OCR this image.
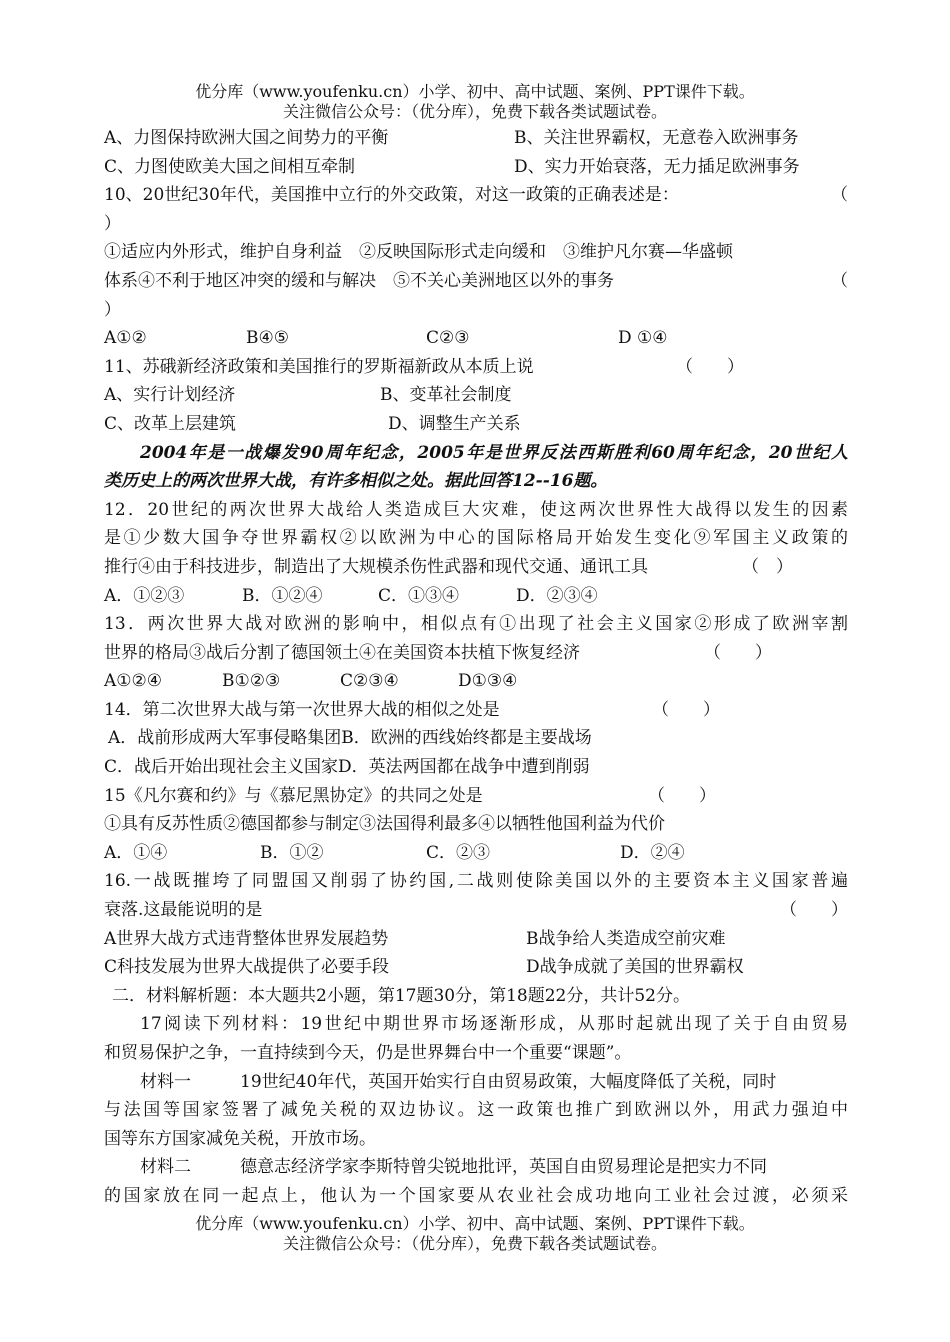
优分库（www.youfenku.cn）小学、初中、高中试题、案例、PPT课件下载。
关注微信公众号：（优分库），免费下载各类试题试卷。
A、力图保持欧洲大国之间势力的平衡	B、关注世界霸权，无意卷入欧洲事务
C、力图使欧美大国之间相互牵制	D、实力开始衰落，无力插足欧洲事务
10、20世纪30年代，美国推中立行的外交政策，对这一政策的正确表述是：	（
）
①适应内外形式，维护自身利益　②反映国际形式走向缓和　③维护凡尔赛—华盛顿
体系④不利于地区冲突的缓和与解决　⑤不关心美洲地区以外的事务	（
）
A①②	B④⑤	C②③	D ①④
11、苏硪新经济政策和美国推行的罗斯福新政从本质上说	（　　）
A、实行计划经济	B、变革社会制度
C、改革上层建筑	D、调整生产关系
2004年是一战爆发90周年纪念，2005年是世界反法西斯胜利60周年纪念，20世纪人
类历史上的两次世界大战，有许多相似之处。据此回答12--16题。
12．20世纪的两次世界大战给人类造成巨大灾难，使这两次世界性大战得以发生的因素
是①少数大国争夺世界霸权②以欧洲为中心的国际格局开始发生变化⑨军国主义政策的
推行④由于科技进步，制造出了大规模杀伤性武器和现代交通、通讯工具	（　）
A．①②③	B．①②④	C．①③④	D．②③④
13．两次世界大战对欧洲的影响中，相似点有①出现了社会主义国家②形成了欧洲宰割
世界的格局③战后分割了德国领土④在美国资本扶植下恢复经济	（　　）
A①②④	B①②③	C②③④	D①③④
14．第二次世界大战与第一次世界大战的相似之处是	（　　）
A．战前形成两大军事侵略集团B．欧洲的西线始终都是主要战场
C．战后开始出现社会主义国家D．英法两国都在战争中遭到削弱
15《凡尔赛和约》与《慕尼黑协定》的共同之处是	（　　）
①具有反苏性质②德国都参与制定③法国得利最多④以牺牲他国利益为代价
A．①④	B．①②	C．②③	D．②④
16.一战既摧垮了同盟国又削弱了协约国,二战则使除美国以外的主要资本主义国家普遍
衰落.这最能说明的是	（　　）
A世界大战方式违背整体世界发展趋势	B战争给人类造成空前灾难
C科技发展为世界大战提供了必要手段	D战争成就了美国的世界霸权
二．材料解析题：本大题共2小题，第17题30分，第18题22分，共计52分。
17阅读下列材料：19世纪中期世界市场逐渐形成，从那时起就出现了关于自由贸易
和贸易保护之争，一直持续到今天，仍是世界舞台中一个重要“课题”。
材料一	19世纪40年代，英国开始实行自由贸易政策，大幅度降低了关税，同时
与法国等国家签署了减免关税的双边协议。这一政策也推广到欧洲以外，用武力强迫中
国等东方国家减免关税，开放市场。
材料二	德意志经济学家李斯特曾尖锐地批评，英国自由贸易理论是把实力不同
的国家放在同一起点上，他认为一个国家要从农业社会成功地向工业社会过渡，必须采
优分库（www.youfenku.cn）小学、初中、高中试题、案例、PPT课件下载。
关注微信公众号：（优分库），免费下载各类试题试卷。
